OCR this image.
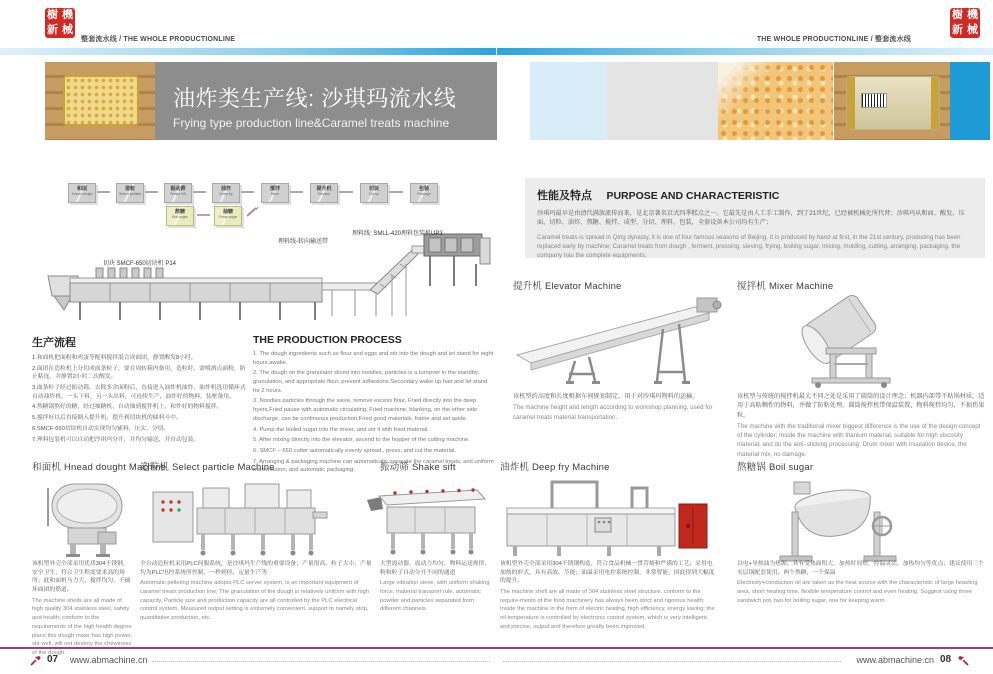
樹 機
新 械
整套流水线 / THE WHOLE PRODUCTIONLINE	THE WHOLE PRODUCTIONLINE / 整套流水线
樹 機
新 械
油炸类生产线: 沙琪玛流水线
Frying type production line&Caramel treats machine
和面
Knead dough
造粒
Select particle
振动筛
Shake sift
油炸
Deep fry
搅拌
Mixer
提升机
Elevator
切块
Cut up
包装
Package
熬糖
Boil sugar
抽糖
Pump sugar
切块 SMCF-650切块机 P14
理料线-转向输送带
理料线: SMLL-420理料包装机UP3
生产流程
1.和面机把面粉和鸡蛋等配料搅拌混合成面团，静置醒发8小时。
2.面团在造粒机上分切成面条粒子，要在周转箱内备用，造粒时，需喷洒点面粉，防止粘连，并静置2小时二次醒发。
3.面条粒子经过振动筛，去除多余面粉后，直接进入油炸机油炸，油炸机选用循环式自动油炸机，一头下料，另一头出料，可连续生产，油炸好的物料，装框备用。
4.熬糖锅熬好的糖，经过抽糖机，自动抽到搅拌机上，和炸好的物料搅拌。
5.搅拌好以后直接倒入提升机，提升到切块机的储料斗中。
6.SMCF-650切块机自动实现均匀铺料，压实，分切。
7.理料包装机可以自动把沙琪玛分开，并均匀输送，并自动包装。
THE PRODUCTION PROCESS
1. The dough ingredients such as flour and eggs and stir into the dough and let stand for eight hours awake.
2. The dough on the granulator sliced into noodles, particles is a turnover in the standby, granulation, and appropriate flour, prevent adhesions.Secondary wake up hair and let stand for 2 hours.
3. Noodles particles through the sieve, remove excess flour, Fried directly into the deep fryers.Fried pause with automatic circulating. Fried machine, blanking, on the other side discharge, can be continuous production.Fried good materials, frame and set aside.
4. Pump the boiled sugar into the mixer, and stir it with fried material.
5. After mixing directly into the elevator, ascend to the hopper of the cutting machine.
6. SMCF – 650 cutter automatically evenly spread , press, and cut the material.
7. Arranging & packaging machine can automatically separate the caramel treats, and uniform transmission, and automatic packaging.
性能及特点 PURPOSE AND CHARACTERISTIC
沙琪玛最早是由清代满族流传而来，是北京著名京式四季糕点之一。它最先是由人工手工制作，到了21世纪，已经被机械化所代替；沙琪玛从和面、醒发、压面、切粒、油炸、熬糖、搅拌、成型、分切、理料、包装，全套设备本公司均有生产；
Caramel treats is spread in Qing dynasty, it is one of four famous seasons of Beijing. It is produced by hand at first, in the 21st century, producing has been replaced early by machine; Caramel treats from dough , ferment, pressing, sieving, frying, boiling sugar, mixing, molding, cutting, arranging, packaging, the company has the complete equipments;
提升机 Elevator Machine
该机型的高度和长度根据车间规划制定，用于对沙琪玛物料的运输。
The machine height and length according to workshop planning, used for caramel treats material transportation.
搅拌机 Mixer Machine
该机型与传统的搅拌机最大不同之处是采用了圆筒的设计理念；机器内部带不粘锅材质，适用于高粘稠性的物料，并做了防粘处理。圆筒搅拌机带保温装置，物料搅拌均匀，不损伤果粒。
The machine with the traditional mixer biggest difference is the use of the design concept of the cylinder; Inside the machine with titanium material, suitable for high viscosity material, and do the anti–sticking processing. Drum mixer with insulation device, the material mix, no damage.
和面机 Hnead dought Machine
造粒机 Select particle Machine	振动筛 Shake sift	油炸机 Deep fry Machine	熬糖锅 Boil sugar
该机型外壳全部采用优质304不锈钢，安全卫生，符合卫生程度要求高的场所；此和面机马力大、搅拌均匀，不破坏面团的筋道。
The machine shells are all made of high quality 304 stainless steel, safety and health, conform to the requirements of the high health degree place;this dough mixer has high power, stir well, will not destroy the chewiness of the dough.
全自动造粒机采用PLC伺服系统，是沙琪玛生产线的重要设备；产量很高。粒子大小、产量均为PLC电控系统所控制，一秒到停、定量生产等
Automatic pelleting machine adopts PLC server system, is an important equipment of caramel treats production line; The granulation of the dough is relatively uniform with high capacity, Particle size and production capacity are all controlled by the PLC electrical control system. Measured output setting is extremely convenient, support to namely stop, quantitative production, etc.
大型震动器，震动力均匀，物料运送规律，粉和粒子自动分开不同的通道
Large vibration sieve, with uniform shaking force, material transport rule, automatic powder and particles separated from different channels.
该机型外壳全部采用304不锈钢构造，符合食品机械一贯苛刻和严谨的工艺；采用电加热的形式，具有高效、节能；油温采用电控系统控制，非常智能，因此得到大幅度的提升。
The machine shell are all made of 304 stainless steel structure, conform to the require-ments of the food machinery has always been strict and rigorous health; Inside the machine in the form of electric heating, high efficiency, energy saving; the oil temperature is controlled by electronic control system, which is very intelligent and precise, output and therefore greatly been improved.
以电+导热油为热源。具有受热面积大，加热时间短，控温灵活，加热均匀等优点；建议使用三个夹层锅配套使用，两个熬糖，一个保温
Electricity+conduction oil are taken as the heat source with the characteristic of large heasting area, short heating time, flexible temperature control and even heating. Suggest using three sandwich pot, two for boiling sugar, one for keeping warm.
07 www.abmachine.cn	www.abmachine.cn 08
